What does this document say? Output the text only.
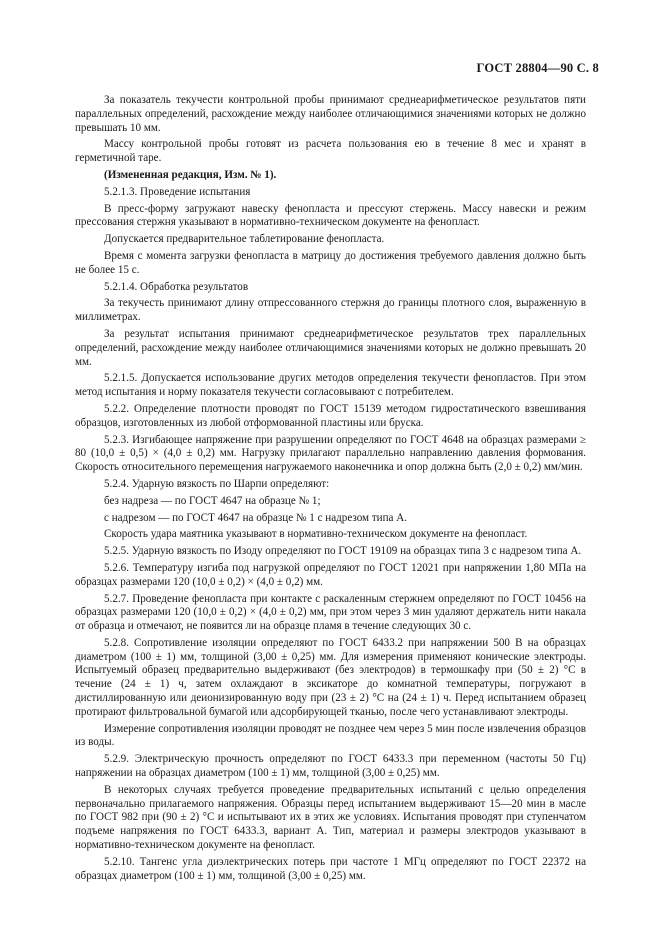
ГОСТ 28804—90 С. 8

За показатель текучести контрольной пробы принимают среднеарифметическое результатов пяти параллельных определений, расхождение между наиболее отличающимися значениями которых не должно превышать 10 мм.

Массу контрольной пробы готовят из расчета пользования ею в течение 8 мес и хранят в герметичной таре.

(Измененная редакция, Изм. № 1).

5.2.1.3. Проведение испытания

В пресс-форму загружают навеску фенопласта и прессуют стержень. Массу навески и режим прессования стержня указывают в нормативно-техническом документе на фенопласт.

Допускается предварительное таблетирование фенопласта.

Время с момента загрузки фенопласта в матрицу до достижения требуемого давления должно быть не более 15 с.

5.2.1.4. Обработка результатов

За текучесть принимают длину отпрессованного стержня до границы плотного слоя, выраженную в миллиметрах.

За результат испытания принимают среднеарифметическое результатов трех параллельных определений, расхождение между наиболее отличающимися значениями которых не должно превышать 20 мм.

5.2.1.5. Допускается использование других методов определения текучести фенопластов. При этом метод испытания и норму показателя текучести согласовывают с потребителем.

5.2.2. Определение плотности проводят по ГОСТ 15139 методом гидростатического взвешивания образцов, изготовленных из любой отформованной пластины или бруска.

5.2.3. Изгибающее напряжение при разрушении определяют по ГОСТ 4648 на образцах размерами ≥ 80 (10,0 ± 0,5) × (4,0 ± 0,2) мм. Нагрузку прилагают параллельно направлению давления формования. Скорость относительного перемещения нагружаемого наконечника и опор должна быть (2,0 ± 0,2) мм/мин.

5.2.4. Ударную вязкость по Шарпи определяют:

без надреза — по ГОСТ 4647 на образце № 1;

с надрезом — по ГОСТ 4647 на образце № 1 с надрезом типа А.

Скорость удара маятника указывают в нормативно-техническом документе на фенопласт.

5.2.5. Ударную вязкость по Изоду определяют по ГОСТ 19109 на образцах типа 3 с надрезом типа А.

5.2.6. Температуру изгиба под нагрузкой определяют по ГОСТ 12021 при напряжении 1,80 МПа на образцах размерами 120 (10,0 ± 0,2) × (4,0 ± 0,2) мм.

5.2.7. Проведение фенопласта при контакте с раскаленным стержнем определяют по ГОСТ 10456 на образцах размерами 120 (10,0 ± 0,2) × (4,0 ± 0,2) мм, при этом через 3 мин удаляют держатель нити накала от образца и отмечают, не появится ли на образце пламя в течение следующих 30 с.

5.2.8. Сопротивление изоляции определяют по ГОСТ 6433.2 при напряжении 500 В на образцах диаметром (100 ± 1) мм, толщиной (3,00 ± 0,25) мм. Для измерения применяют конические электроды. Испытуемый образец предварительно выдерживают (без электродов) в термошкафу при (50 ± 2) °С в течение (24 ± 1) ч, затем охлаждают в эксикаторе до комнатной температуры, погружают в дистиллированную или деионизированную воду при (23 ± 2) °С на (24 ± 1) ч. Перед испытанием образец протирают фильтровальной бумагой или адсорбирующей тканью, после чего устанавливают электроды.

Измерение сопротивления изоляции проводят не позднее чем через 5 мин после извлечения образцов из воды.

5.2.9. Электрическую прочность определяют по ГОСТ 6433.3 при переменном (частоты 50 Гц) напряжении на образцах диаметром (100 ± 1) мм, толщиной (3,00 ± 0,25) мм.

В некоторых случаях требуется проведение предварительных испытаний с целью определения первоначально прилагаемого напряжения. Образцы перед испытанием выдерживают 15—20 мин в масле по ГОСТ 982 при (90 ± 2) °С и испытывают их в этих же условиях. Испытания проводят при ступенчатом подъеме напряжения по ГОСТ 6433.3, вариант А. Тип, материал и размеры электродов указывают в нормативно-техническом документе на фенопласт.

5.2.10. Тангенс угла диэлектрических потерь при частоте 1 МГц определяют по ГОСТ 22372 на образцах диаметром (100 ± 1) мм, толщиной (3,00 ± 0,25) мм.
